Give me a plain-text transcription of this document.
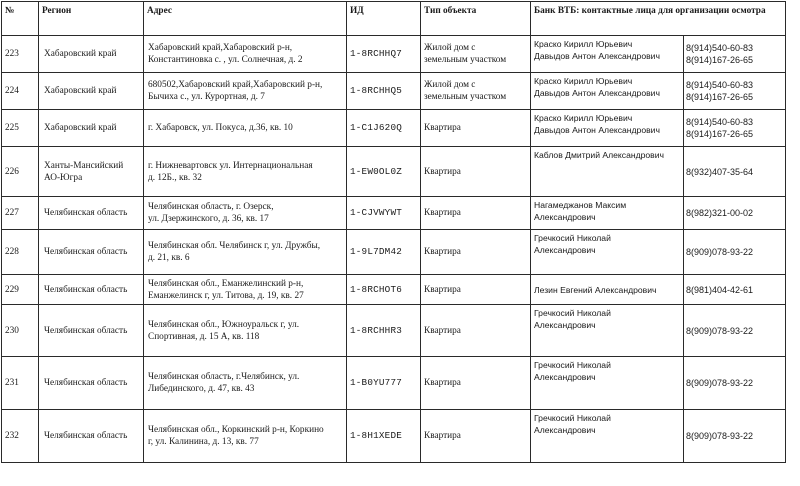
№	Регион	Адрес	ИД	Тип объекта	Банк ВТБ: контактные лица для организации осмотра	

223	Хабаровский край	Хабаровский край,Хабаровский р-н,
Константиновка с. , ул. Солнечная, д. 2	1-8RCHHQ7	Жилой дом с
земельным участком	Краско Кирилл Юрьевич
Давыдов Антон Александрович	8(914)540-60-83
8(914)167-26-65

224	Хабаровский край	680502,Хабаровский край,Хабаровский р-н,
Бычиха с., ул. Курортная, д. 7	1-8RCHHQ5	Жилой дом с
земельным участком	Краско Кирилл Юрьевич
Давыдов Антон Александрович	8(914)540-60-83
8(914)167-26-65

225	Хабаровский край	г. Хабаровск, ул. Покуса, д.36, кв. 10	1-C1J620Q	Квартира	Краско Кирилл Юрьевич
Давыдов Антон Александрович	8(914)540-60-83
8(914)167-26-65

226	Ханты-Мансийский
АО-Югра	г. Нижневартовск ул. Интернациональная
д. 12Б., кв. 32	1-EW0OL0Z	Квартира	Каблов Дмитрий Александрович	8(932)407-35-64

227	Челябинская область	Челябинская область, г. Озерск,
ул. Дзержинского, д. 36, кв. 17	1-CJVWYWT	Квартира	Нагамеджанов Максим
Александрович	8(982)321-00-02

228	Челябинская область	Челябинская обл. Челябинск г, ул. Дружбы,
д. 21, кв. 6	1-9L7DM42	Квартира	Гречкосий Николай
Александрович	8(909)078-93-22

229	Челябинская область	Челябинская обл., Еманжелинский р-н,
Еманжелинск г, ул. Титова, д. 19, кв. 27	1-8RCHOT6	Квартира	Лезин Евгений Александрович	8(981)404-42-61

230	Челябинская область	Челябинская обл., Южноуральск г, ул.
Спортивная, д. 15 А, кв. 118	1-8RCHHR3	Квартира	Гречкосий Николай
Александрович	8(909)078-93-22

231	Челябинская область	Челябинская область, г.Челябинск, ул.
Либединского, д. 47, кв. 43	1-B0YU777	Квартира	Гречкосий Николай
Александрович	8(909)078-93-22

232	Челябинская область	Челябинская обл., Коркинский р-н, Коркино
г, ул. Калинина, д. 13, кв. 77	1-8H1XEDE	Квартира	Гречкосий Николай
Александрович	8(909)078-93-22
